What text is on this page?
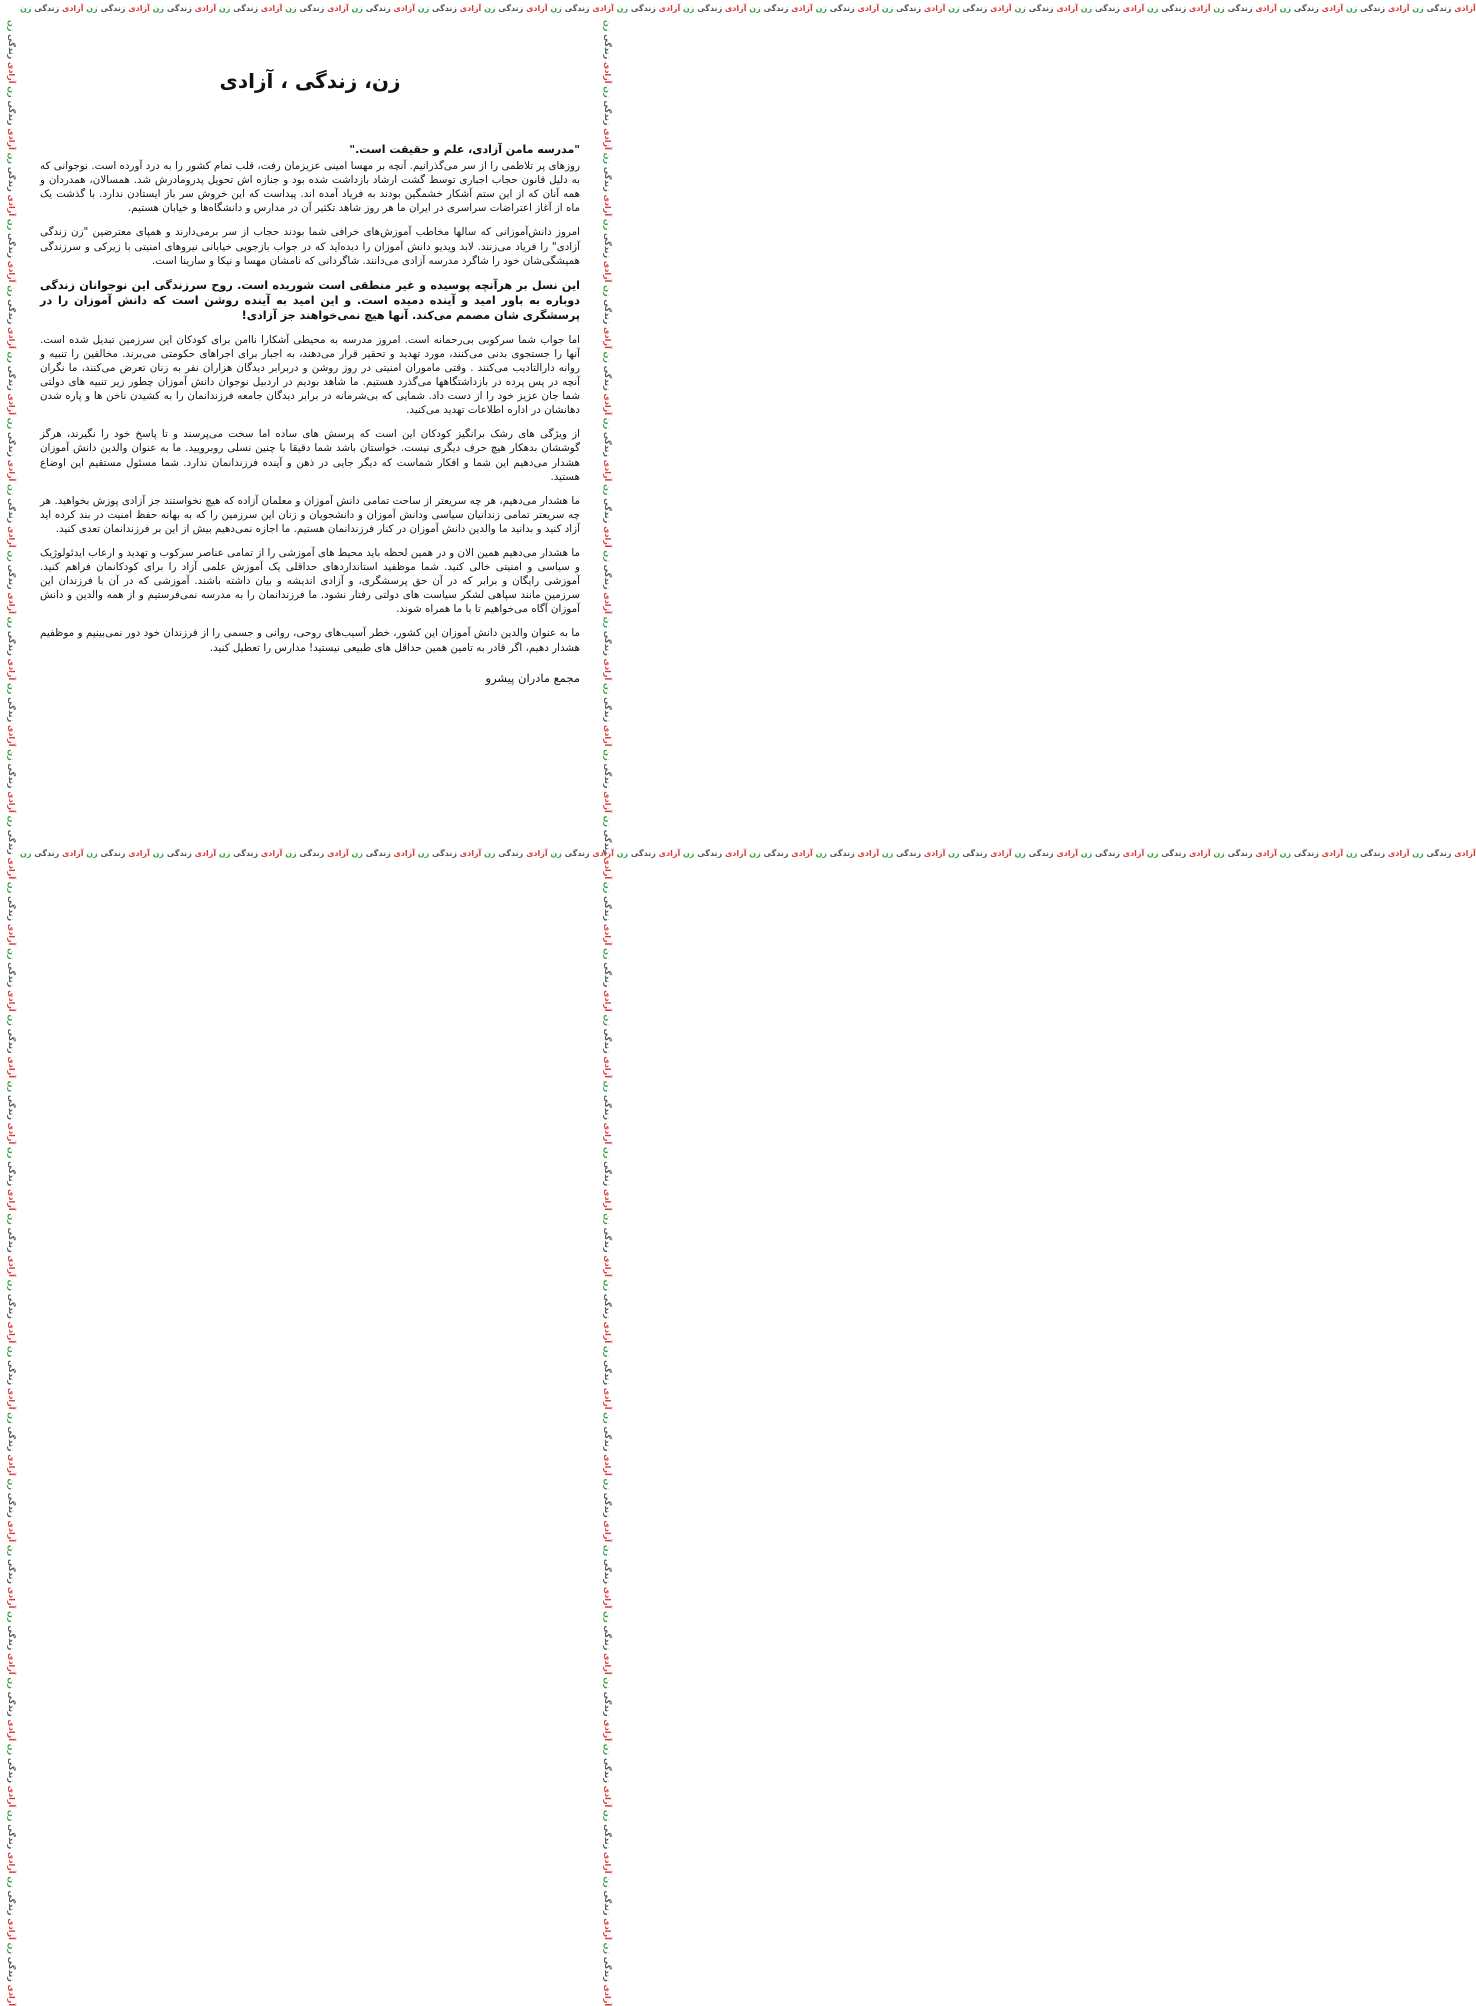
آزادی زندگی زن آزادی زندگی زن آزادی زندگی زن آزادی زندگی زن آزادی زندگی زن آزادی زندگی زن آزادی زندگی زن آزادی زندگی زن آزادی زندگی زن آزادی زندگی زن آزادی زندگی زن آزادی زندگی زن آزادی زندگی زن آزادی زندگی زن آزادی زندگی زن آزادی زندگی زن آزادی زندگی زن آزادی زندگی زن آزادی زندگی زن آزادی زندگی زن آزادی زندگی زن آزادی زندگی زن
آزادی زندگی زن آزادی زندگی زن آزادی زندگی زن آزادی زندگی زن آزادی زندگی زن آزادی زندگی زن آزادی زندگی زن آزادی زندگی زن آزادی زندگی زن آزادی زندگی زن آزادی زندگی زن آزادی زندگی زن آزادی زندگی زن آزادی زندگی زن آزادی زندگی زن آزادی زندگی زن آزادی زندگی زن آزادی زندگی زن آزادی زندگی زن آزادی زندگی زن آزادی زندگی زن آزادی زندگی زن
آزادی زندگی زن آزادی زندگی زن آزادی زندگی زن آزادی زندگی زن آزادی زندگی زن آزادی زندگی زن آزادی زندگی زن آزادی زندگی زن آزادی زندگی زن آزادی زندگی زن آزادی زندگی زن آزادی زندگی زن آزادی زندگی زن آزادی زندگی زن آزادی زندگی زن آزادی زندگی زن آزادی زندگی زن آزادی زندگی زن آزادی زندگی زن آزادی زندگی زن آزادی زندگی زن آزادی زندگی زن آزادی زندگی زن آزادی زندگی زن آزادی زندگی زن آزادی زندگی زن آزادی زندگی زن آزادی زندگی زن آزادی زندگی زن آزادی زندگی زن
آزادی زندگی زن آزادی زندگی زن آزادی زندگی زن آزادی زندگی زن آزادی زندگی زن آزادی زندگی زن آزادی زندگی زن آزادی زندگی زن آزادی زندگی زن آزادی زندگی زن آزادی زندگی زن آزادی زندگی زن آزادی زندگی زن آزادی زندگی زن آزادی زندگی زن آزادی زندگی زن آزادی زندگی زن آزادی زندگی زن آزادی زندگی زن آزادی زندگی زن آزادی زندگی زن آزادی زندگی زن آزادی زندگی زن آزادی زندگی زن آزادی زندگی زن آزادی زندگی زن آزادی زندگی زن آزادی زندگی زن آزادی زندگی زن آزادی زندگی زن
زن، زندگی ، آزادی

"مدرسه مامن آزادی، علم و حقیقت است."
روزهای پر تلاطمی را از سر می‌گذرانیم. آنچه بر مهسا امینی عزیزمان رفت، قلب تمام کشور را به درد آورده است. نوجوانی که به دلیل قانون حجاب اجباری توسط گشت ارشاد بازداشت شده بود و جنازه اش تحویل پدرومادرش شد. همسالان، همدردان و همه آنان که از این ستم آشکار خشمگین بودند به فریاد آمده اند. پیداست که این خروش سر باز ایستادن ندارد. با گذشت یک ماه از آغاز اعتراضات سراسری در ایران ما هر روز شاهد تکثیر آن در مدارس و دانشگاه‌ها و خیابان هستیم.

امروز دانش‌آموزانی که سالها مخاطب آموزش‌های خرافی شما بودند حجاب از سر برمی‌دارند و همپای معترضین "زن زندگی آزادی" را فریاد می‌زنند. لابد ویدیو دانش آموزان را دیده‌اید که در جواب بازجویی خیابانی نیروهای امنیتی با زیرکی و سرزندگی همیشگی‌شان خود را شاگرد مدرسه آزادی می‌دانند. شاگردانی که نامشان مهسا و نیکا و سارینا است.

این نسل بر هرآنچه پوسیده و غیر منطقی است شوریده است. روح سرزندگی این نوجوانان زندگی دوباره به باور امید و آینده دمیده است. و این امید به آینده روشن است که دانش آموزان را در پرسشگری شان مصمم می‌کند. آنها هیچ نمی‌خواهند جز آزادی!

اما جواب شما سرکوبی بی‌رحمانه است. امروز مدرسه به محیطی آشکارا ناامن برای کودکان این سرزمین تبدیل شده است. آنها را جستجوی بدنی می‌کنند، مورد تهدید و تحقیر قرار می‌دهند، به اجبار برای اجراهای حکومتی می‌برند. مخالفین را تنبیه و روانه دارالتادیب می‌کنند . وقتی ماموران امنیتی در روز روشن و دربرابر دیدگان هزاران نفر به زنان تعرض می‌کنند، ما نگران آنچه در پس پرده در بازداشتگاهها می‌گذرد هستیم. ما شاهد بودیم در اردبیل نوجوان دانش آموزان چطور زیر تنبیه های دولتی شما جان عزیز خود را از دست داد. شمایی که بی‌شرمانه در برابر دیدگان جامعه فرزندانمان را به کشیدن ناخن ها و پاره شدن دهانشان در اداره اطلاعات تهدید می‌کنید.

از ویژگی های رشک برانگیز کودکان این است که پرسش های ساده اما سخت می‌پرسند و تا پاسخ خود را نگیرند، هرگز گوششان بدهکار هیچ حرف دیگری نیست. خواستان باشد شما دقیقا با چنین نسلی روبرویید. ما به عنوان والدین دانش آموزان هشدار می‌دهیم این شما و افکار شماست که دیگر جایی در ذهن و آینده فرزندانمان ندارد. شما مسئول مستقیم این اوضاع هستید.

ما هشدار می‌دهیم، هر چه سریعتر از ساحت تمامی دانش آموزان و معلمان آزاده که هیچ نخواستند جز آزادی پوزش بخواهید. هر چه سریعتر تمامی زندانیان سیاسی ودانش آموزان و دانشجویان و زنان این سرزمین را که به بهانه حفظ امنیت در بند کرده اید آزاد کنید و بدانید ما والدین دانش آموزان در کنار فرزندانمان هستیم. ما اجازه نمی‌دهیم بیش از این بر فرزندانمان تعدی کنید.

ما هشدار می‌دهیم همین الان و در همین لحظه باید محیط های آموزشی را از تمامی عناصر سرکوب و تهدید و ارعاب ایدئولوژیک و سیاسی و امنیتی خالی کنید. شما موظفید استانداردهای حداقلی یک آموزش علمی آزاد را برای کودکانمان فراهم کنید. آموزشی رایگان و برابر که در آن حق پرسشگری، و آزادی اندیشه و بیان داشته باشند. آموزشی که در آن با فرزندان این سرزمین مانند سپاهی لشکر سیاست های دولتی رفتار نشود. ما فرزندانمان را به مدرسه نمی‌فرستیم و از همه والدین و دانش آموزان آگاه می‌خواهیم تا با ما همراه شوند.

ما به عنوان والدین دانش آموزان این کشور، خطر آسیب‌های روحی، روانی و جسمی را از فرزندان خود دور نمی‌بینیم و موظفیم هشدار دهیم، اگر قادر به تامین همین حداقل های طبیعی نیستید! مدارس را تعطیل کنید.

مجمع مادران پیشرو
